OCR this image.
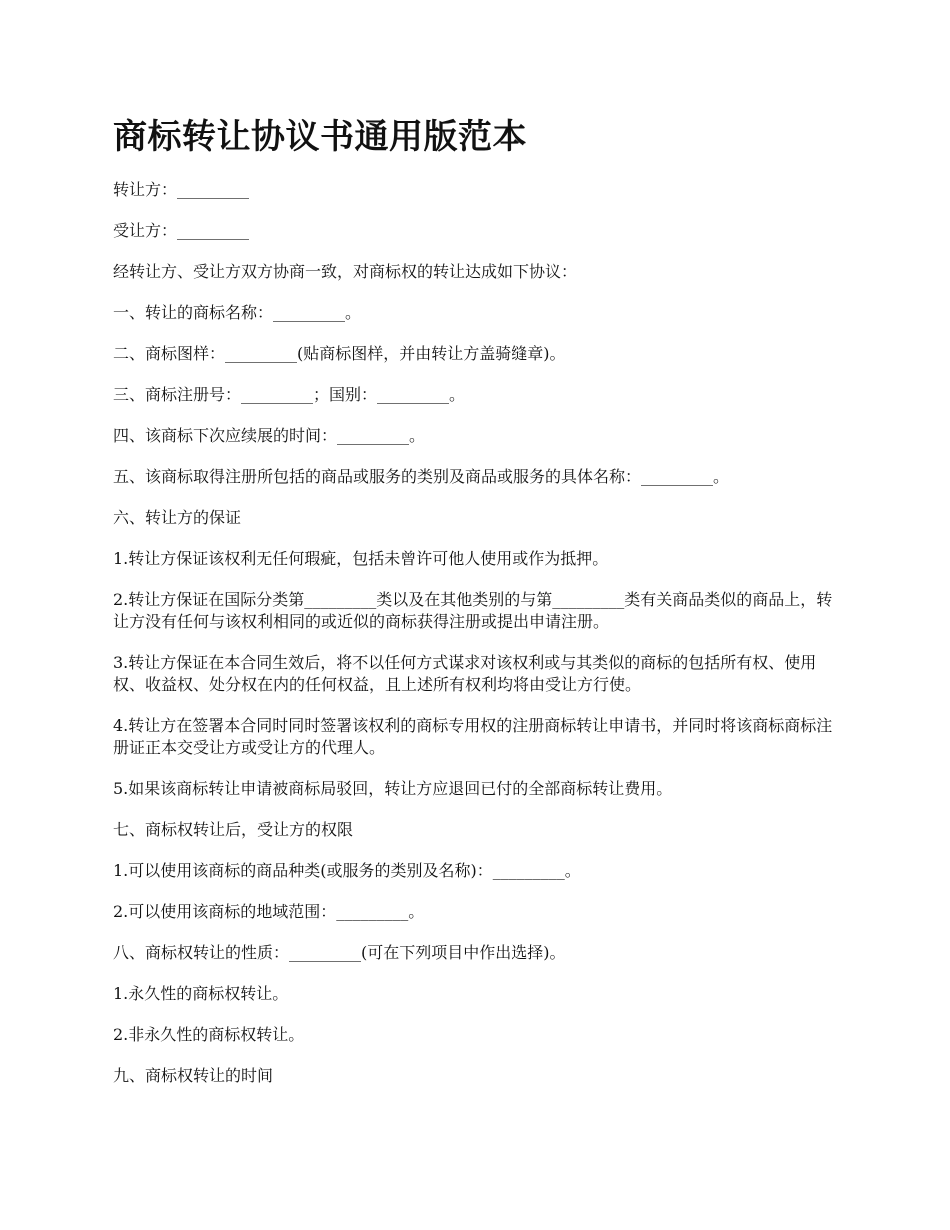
商标转让协议书通用版范本

转让方：_________

受让方：_________

经转让方、受让方双方协商一致，对商标权的转让达成如下协议：

一、转让的商标名称：_________。

二、商标图样：_________(贴商标图样，并由转让方盖骑缝章)。

三、商标注册号：_________；国别：_________。

四、该商标下次应续展的时间：_________。

五、该商标取得注册所包括的商品或服务的类别及商品或服务的具体名称：_________。

六、转让方的保证

1.转让方保证该权利无任何瑕疵，包括未曾许可他人使用或作为抵押。

2.转让方保证在国际分类第_________类以及在其他类别的与第_________类有关商品类似的商品上，转让方没有任何与该权利相同的或近似的商标获得注册或提出申请注册。

3.转让方保证在本合同生效后，将不以任何方式谋求对该权利或与其类似的商标的包括所有权、使用权、收益权、处分权在内的任何权益，且上述所有权利均将由受让方行使。

4.转让方在签署本合同时同时签署该权利的商标专用权的注册商标转让申请书，并同时将该商标商标注册证正本交受让方或受让方的代理人。

5.如果该商标转让申请被商标局驳回，转让方应退回已付的全部商标转让费用。

七、商标权转让后，受让方的权限

1.可以使用该商标的商品种类(或服务的类别及名称)：_________。

2.可以使用该商标的地域范围：_________。

八、商标权转让的性质：_________(可在下列项目中作出选择)。

1.永久性的商标权转让。

2.非永久性的商标权转让。

九、商标权转让的时间
